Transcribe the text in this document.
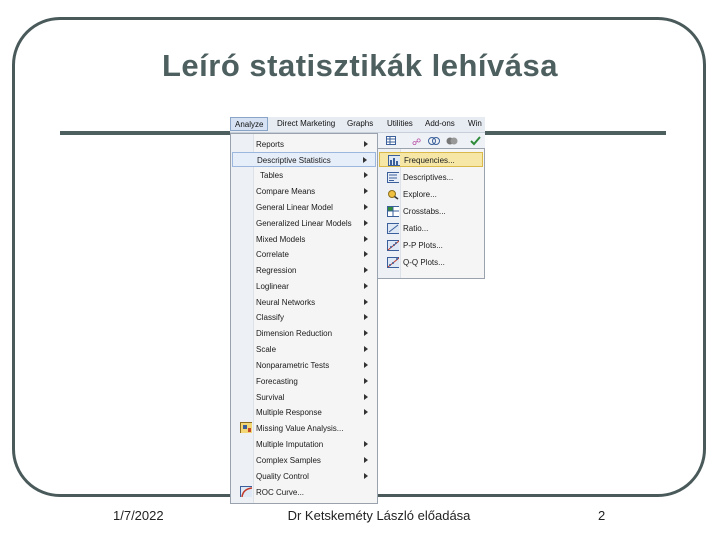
Leíró statisztikák lehívása
Analyze	Direct Marketing Graphs Utilities Add-ons Win
☍
Reports
Descriptive Statistics
Tables
Compare Means
General Linear Model
Generalized Linear Models
Mixed Models
Correlate
Regression
Loglinear
Neural Networks
Classify
Dimension Reduction
Scale
Nonparametric Tests
Forecasting
Survival
Multiple Response
Missing Value Analysis...
Multiple Imputation
Complex Samples
Quality Control
ROC Curve...
Frequencies...
Descriptives...
Explore...
Crosstabs...
Ratio...
P-P Plots...
Q-Q Plots...
1/7/2022	Dr Ketskeméty László előadása	2
